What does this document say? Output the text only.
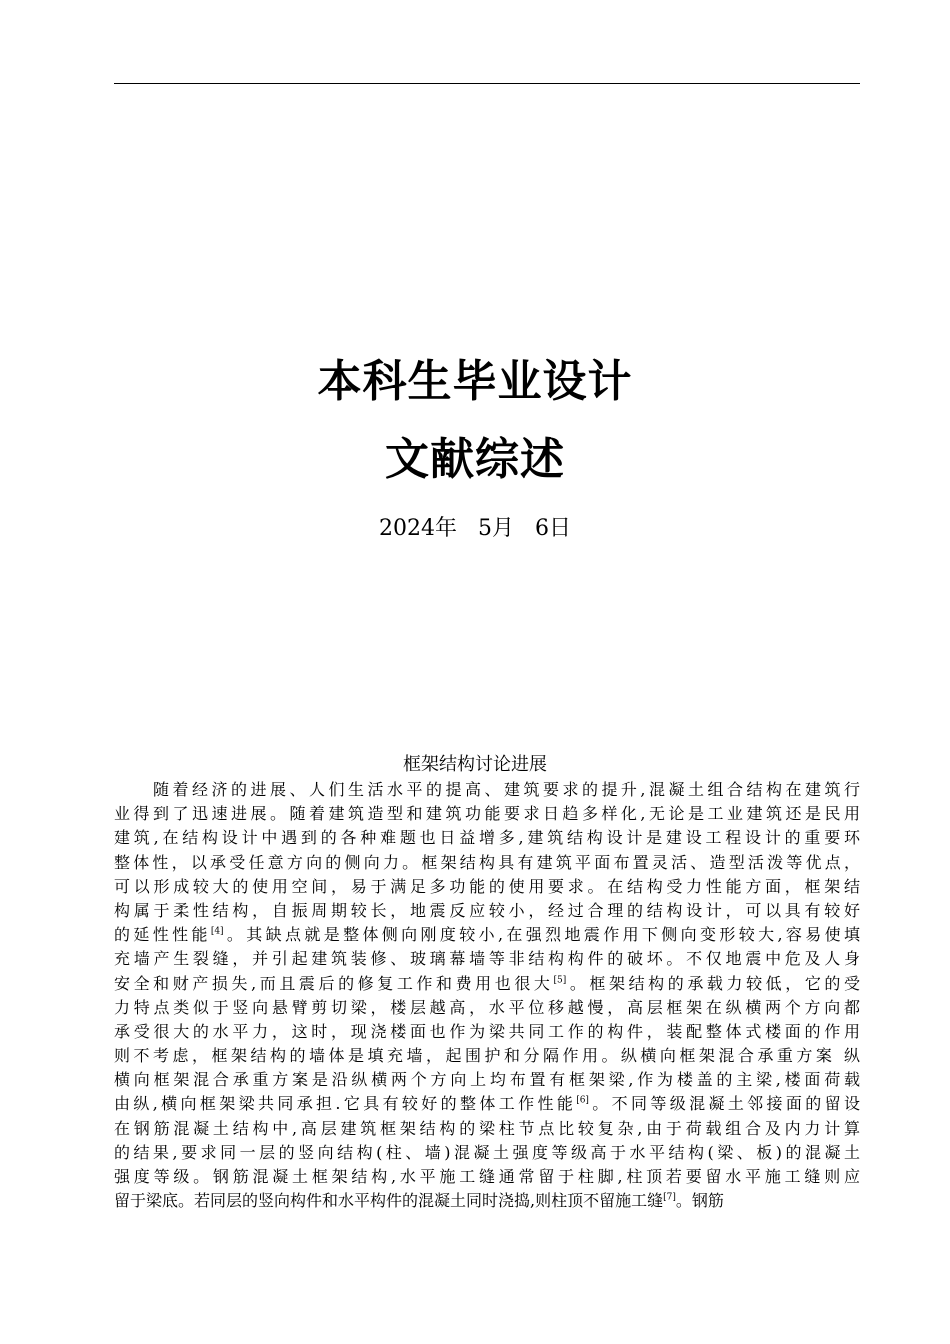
本科生毕业设计
文献综述
2024年 5月 6日
框架结构讨论进展
　　随着经济的进展、人们生活水平的提高、建筑要求的提升,混凝土组合结构在建筑行
业得到了迅速进展。随着建筑造型和建筑功能要求日趋多样化,无论是工业建筑还是民用
建筑,在结构设计中遇到的各种难题也日益增多,建筑结构设计是建设工程设计的重要环
整体性，以承受任意方向的侧向力。框架结构具有建筑平面布置灵活、造型活泼等优点，
可以形成较大的使用空间，易于满足多功能的使用要求。在结构受力性能方面，框架结
构属于柔性结构，自振周期较长，地震反应较小，经过合理的结构设计，可以具有较好
的延性性能[4]。其缺点就是整体侧向刚度较小,在强烈地震作用下侧向变形较大,容易使填
充墙产生裂缝，并引起建筑装修、玻璃幕墙等非结构构件的破坏。不仅地震中危及人身
安全和财产损失,而且震后的修复工作和费用也很大[5]。框架结构的承载力较低，它的受
力特点类似于竖向悬臂剪切梁，楼层越高，水平位移越慢，高层框架在纵横两个方向都
承受很大的水平力，这时，现浇楼面也作为梁共同工作的构件，装配整体式楼面的作用
则不考虑，框架结构的墙体是填充墙，起围护和分隔作用。纵横向框架混合承重方案 纵
横向框架混合承重方案是沿纵横两个方向上均布置有框架梁,作为楼盖的主梁,楼面荷载
由纵,横向框架梁共同承担.它具有较好的整体工作性能[6]。不同等级混凝土邻接面的留设
在钢筋混凝土结构中,高层建筑框架结构的梁柱节点比较复杂,由于荷载组合及内力计算
的结果,要求同一层的竖向结构(柱、墙)混凝土强度等级高于水平结构(梁、板)的混凝土
强度等级。钢筋混凝土框架结构,水平施工缝通常留于柱脚,柱顶若要留水平施工缝则应
留于梁底。若同层的竖向构件和水平构件的混凝土同时浇捣,则柱顶不留施工缝[7]。钢筋
